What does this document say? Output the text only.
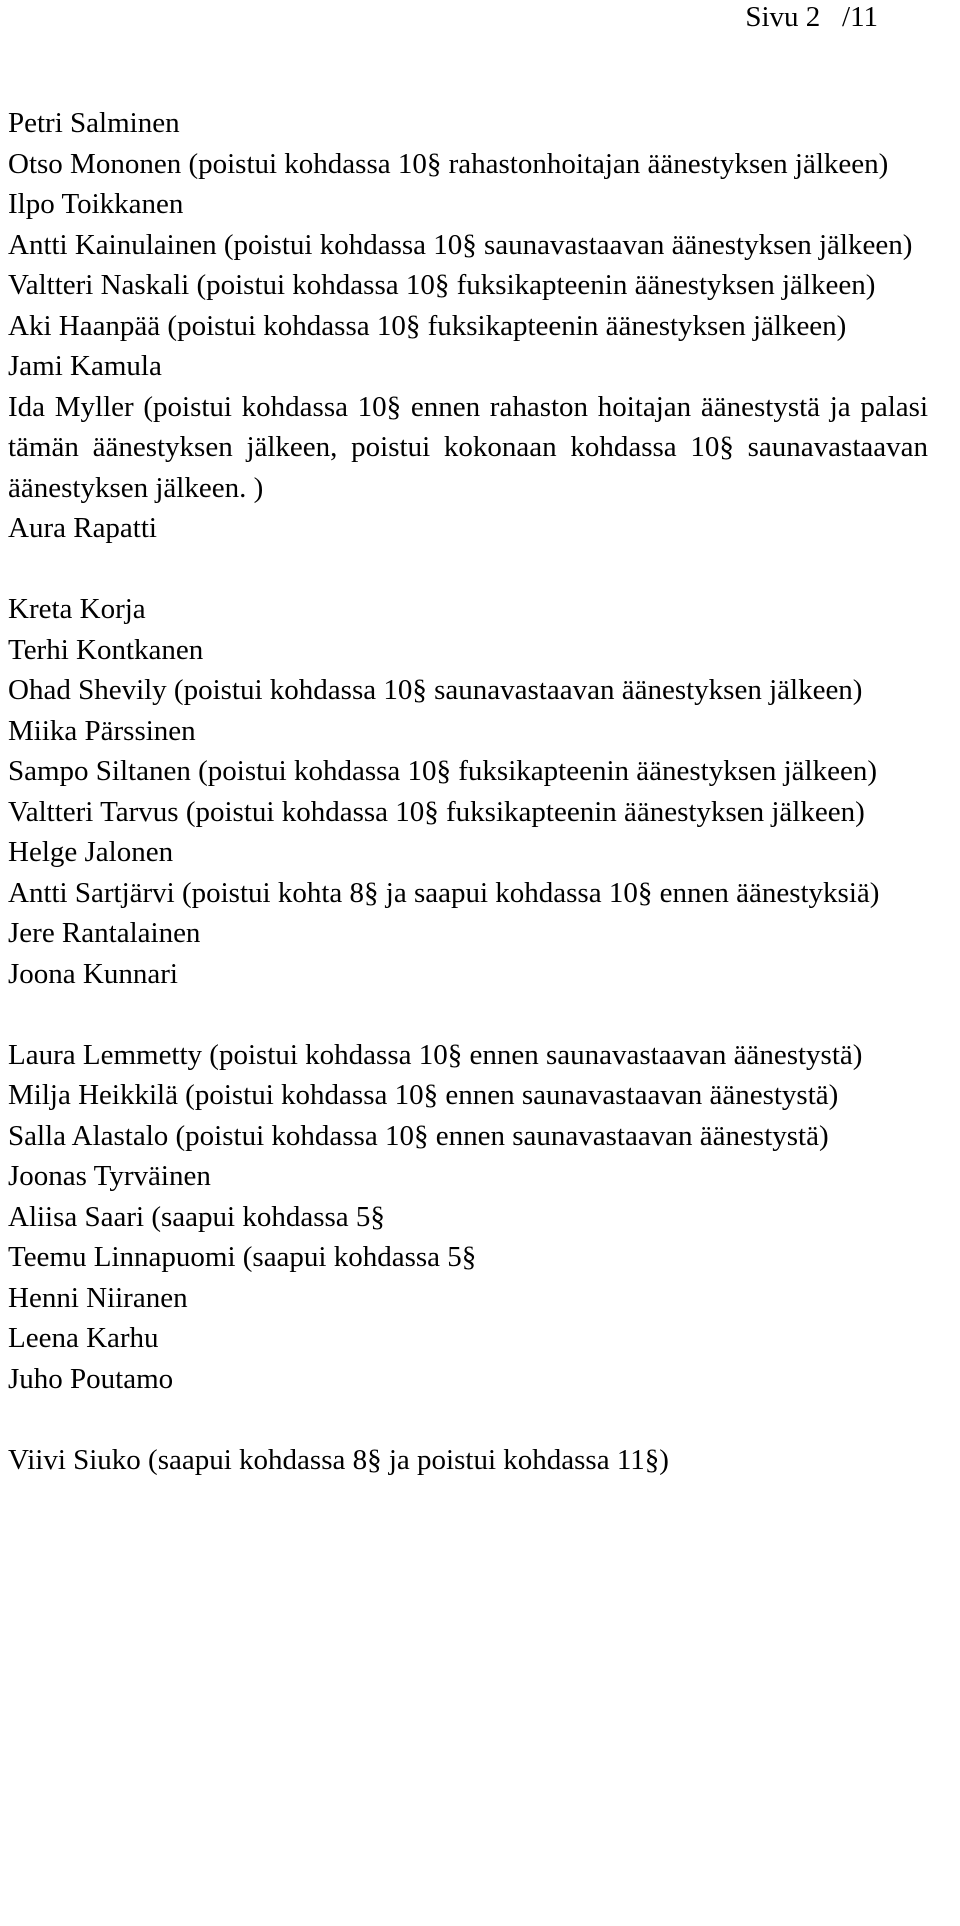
Sivu 2 /11

Petri Salminen

Otso Mononen (poistui kohdassa 10§ rahastonhoitajan äänestyksen jälkeen)

Ilpo Toikkanen

Antti Kainulainen (poistui kohdassa 10§ saunavastaavan äänestyksen jälkeen)

Valtteri Naskali (poistui kohdassa 10§ fuksikapteenin äänestyksen jälkeen)

Aki Haanpää (poistui kohdassa 10§ fuksikapteenin äänestyksen jälkeen)

Jami Kamula

Ida Myller (poistui kohdassa 10§ ennen rahaston hoitajan äänestystä ja palasi tämän äänestyksen jälkeen, poistui kokonaan kohdassa 10§ saunavastaavan äänestyksen jälkeen. )

Aura Rapatti

Kreta Korja

Terhi Kontkanen

Ohad Shevily (poistui kohdassa 10§ saunavastaavan äänestyksen jälkeen)

Miika Pärssinen

Sampo Siltanen (poistui kohdassa 10§ fuksikapteenin äänestyksen jälkeen)

Valtteri Tarvus (poistui kohdassa 10§ fuksikapteenin äänestyksen jälkeen)

Helge Jalonen

Antti Sartjärvi (poistui kohta 8§ ja saapui kohdassa 10§ ennen äänestyksiä)

Jere Rantalainen

Joona Kunnari

Laura Lemmetty (poistui kohdassa 10§ ennen saunavastaavan äänestystä)

Milja Heikkilä (poistui kohdassa 10§ ennen saunavastaavan äänestystä)

Salla Alastalo (poistui kohdassa 10§ ennen saunavastaavan äänestystä)

Joonas Tyrväinen

Aliisa Saari (saapui kohdassa 5§

Teemu Linnapuomi (saapui kohdassa 5§

Henni Niiranen

Leena Karhu

Juho Poutamo

Viivi Siuko (saapui kohdassa 8§ ja poistui kohdassa 11§)
